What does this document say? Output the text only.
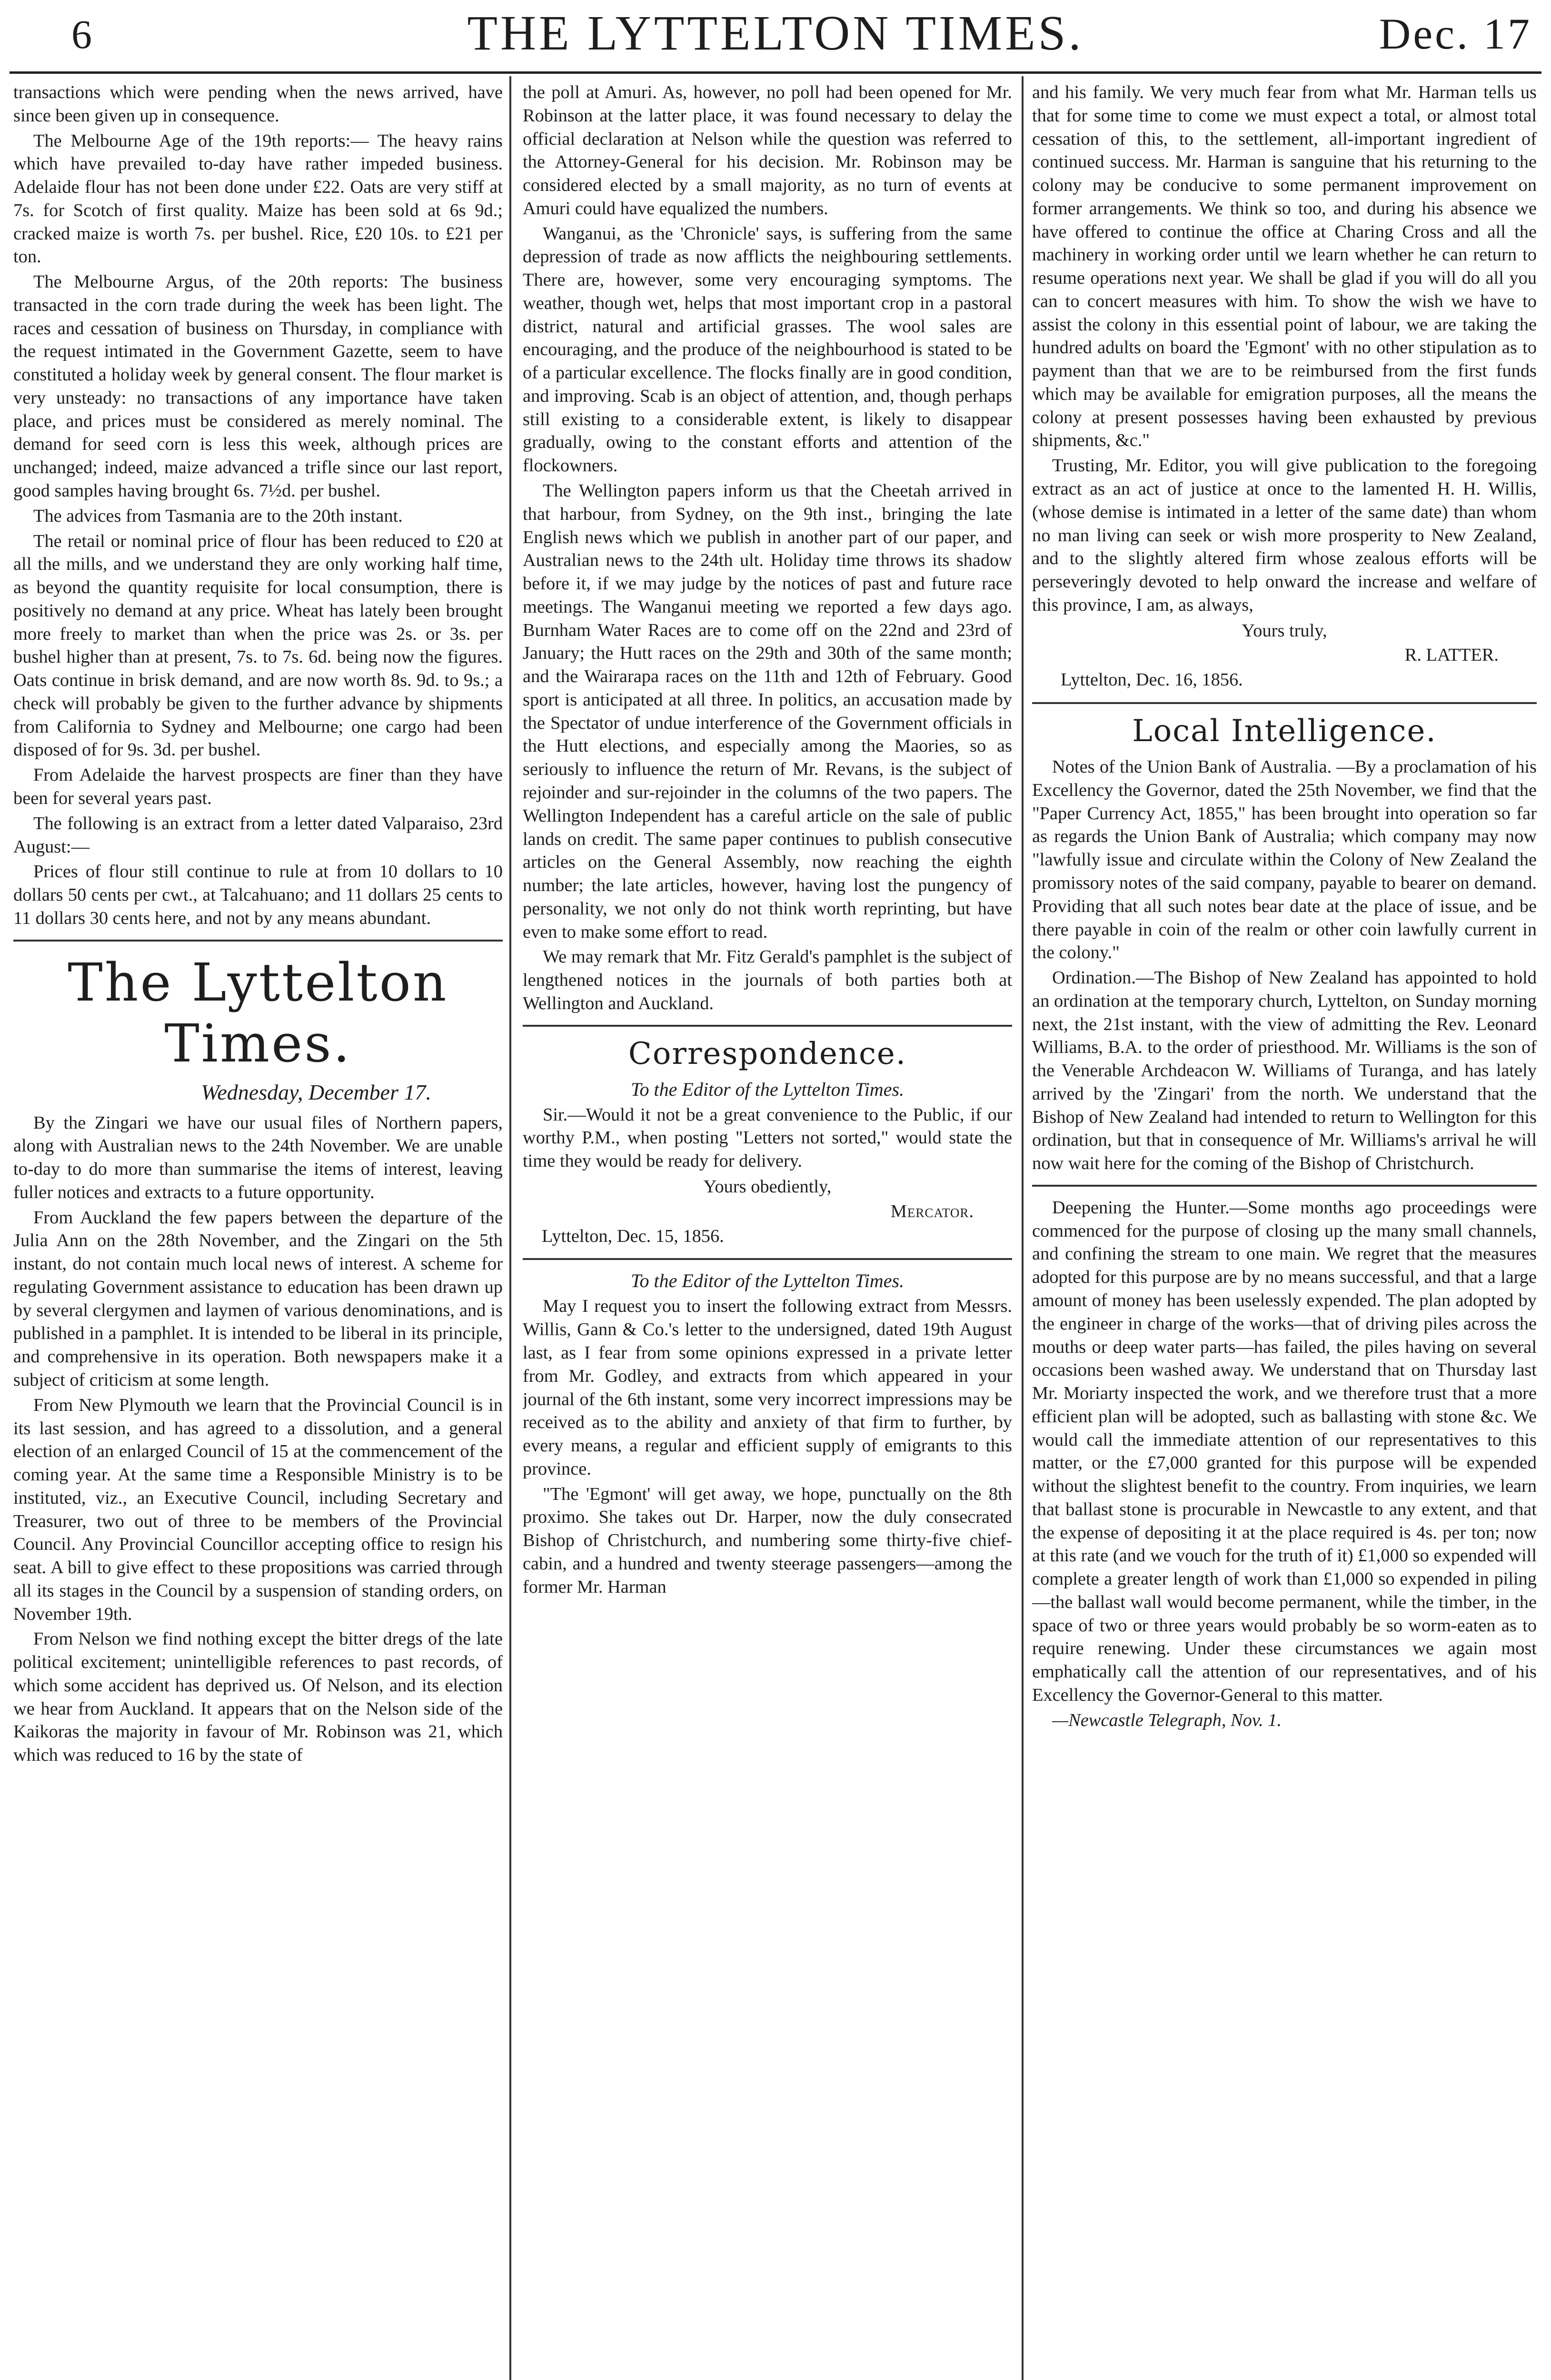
6	THE LYTTELTON TIMES.	Dec. 17

transactions which were pending when the news arrived, have since been given up in consequence.

The Melbourne Age of the 19th reports:— The heavy rains which have prevailed to-day have rather impeded business. Adelaide flour has not been done under £22. Oats are very stiff at 7s. for Scotch of first quality. Maize has been sold at 6s 9d.; cracked maize is worth 7s. per bushel. Rice, £20 10s. to £21 per ton.

The Melbourne Argus, of the 20th reports: The business transacted in the corn trade during the week has been light. The races and cessation of business on Thursday, in compliance with the request intimated in the Government Gazette, seem to have constituted a holiday week by general consent. The flour market is very unsteady: no transactions of any importance have taken place, and prices must be considered as merely nominal. The demand for seed corn is less this week, although prices are unchanged; indeed, maize advanced a trifle since our last report, good samples having brought 6s. 7½d. per bushel.

The advices from Tasmania are to the 20th instant.

The retail or nominal price of flour has been reduced to £20 at all the mills, and we understand they are only working half time, as beyond the quantity requisite for local consumption, there is positively no demand at any price. Wheat has lately been brought more freely to market than when the price was 2s. or 3s. per bushel higher than at present, 7s. to 7s. 6d. being now the figures. Oats continue in brisk demand, and are now worth 8s. 9d. to 9s.; a check will probably be given to the further advance by shipments from California to Sydney and Melbourne; one cargo had been disposed of for 9s. 3d. per bushel.

From Adelaide the harvest prospects are finer than they have been for several years past.

The following is an extract from a letter dated Valparaiso, 23rd August:—

Prices of flour still continue to rule at from 10 dollars to 10 dollars 50 cents per cwt., at Talcahuano; and 11 dollars 25 cents to 11 dollars 30 cents here, and not by any means abundant.

The Lyttelton Times.
Wednesday, December 17.

By the Zingari we have our usual files of Northern papers, along with Australian news to the 24th November. We are unable to-day to do more than summarise the items of interest, leaving fuller notices and extracts to a future opportunity.

From Auckland the few papers between the departure of the Julia Ann on the 28th November, and the Zingari on the 5th instant, do not contain much local news of interest. A scheme for regulating Government assistance to education has been drawn up by several clergymen and laymen of various denominations, and is published in a pamphlet. It is intended to be liberal in its principle, and comprehensive in its operation. Both newspapers make it a subject of criticism at some length.

From New Plymouth we learn that the Provincial Council is in its last session, and has agreed to a dissolution, and a general election of an enlarged Council of 15 at the commencement of the coming year. At the same time a Responsible Ministry is to be instituted, viz., an Executive Council, including Secretary and Treasurer, two out of three to be members of the Provincial Council. Any Provincial Councillor accepting office to resign his seat. A bill to give effect to these propositions was carried through all its stages in the Council by a suspension of standing orders, on November 19th.

From Nelson we find nothing except the bitter dregs of the late political excitement; unintelligible references to past records, of which some accident has deprived us. Of Nelson, and its election we hear from Auckland. It appears that on the Nelson side of the Kaikoras the majority in favour of Mr. Robinson was 21, which which was reduced to 16 by the state of

the poll at Amuri. As, however, no poll had been opened for Mr. Robinson at the latter place, it was found necessary to delay the official declaration at Nelson while the question was referred to the Attorney-General for his decision. Mr. Robinson may be considered elected by a small majority, as no turn of events at Amuri could have equalized the numbers.

Wanganui, as the 'Chronicle' says, is suffering from the same depression of trade as now afflicts the neighbouring settlements. There are, however, some very encouraging symptoms. The weather, though wet, helps that most important crop in a pastoral district, natural and artificial grasses. The wool sales are encouraging, and the produce of the neighbourhood is stated to be of a particular excellence. The flocks finally are in good condition, and improving. Scab is an object of attention, and, though perhaps still existing to a considerable extent, is likely to disappear gradually, owing to the constant efforts and attention of the flockowners.

The Wellington papers inform us that the Cheetah arrived in that harbour, from Sydney, on the 9th inst., bringing the late English news which we publish in another part of our paper, and Australian news to the 24th ult. Holiday time throws its shadow before it, if we may judge by the notices of past and future race meetings. The Wanganui meeting we reported a few days ago. Burnham Water Races are to come off on the 22nd and 23rd of January; the Hutt races on the 29th and 30th of the same month; and the Wairarapa races on the 11th and 12th of February. Good sport is anticipated at all three. In politics, an accusation made by the Spectator of undue interference of the Government officials in the Hutt elections, and especially among the Maories, so as seriously to influence the return of Mr. Revans, is the subject of rejoinder and sur-rejoinder in the columns of the two papers. The Wellington Independent has a careful article on the sale of public lands on credit. The same paper continues to publish consecutive articles on the General Assembly, now reaching the eighth number; the late articles, however, having lost the pungency of personality, we not only do not think worth reprinting, but have even to make some effort to read.

We may remark that Mr. Fitz Gerald's pamphlet is the subject of lengthened notices in the journals of both parties both at Wellington and Auckland.

Correspondence.
To the Editor of the Lyttelton Times.

Sir.—Would it not be a great convenience to the Public, if our worthy P.M., when posting "Letters not sorted," would state the time they would be ready for delivery.

Yours obediently,
Mercator.
Lyttelton, Dec. 15, 1856.
To the Editor of the Lyttelton Times.

May I request you to insert the following extract from Messrs. Willis, Gann & Co.'s letter to the undersigned, dated 19th August last, as I fear from some opinions expressed in a private letter from Mr. Godley, and extracts from which appeared in your journal of the 6th instant, some very incorrect impressions may be received as to the ability and anxiety of that firm to further, by every means, a regular and efficient supply of emigrants to this province.

"The 'Egmont' will get away, we hope, punctually on the 8th proximo. She takes out Dr. Harper, now the duly consecrated Bishop of Christchurch, and numbering some thirty-five chief-cabin, and a hundred and twenty steerage passengers—among the former Mr. Harman

and his family. We very much fear from what Mr. Harman tells us that for some time to come we must expect a total, or almost total cessation of this, to the settlement, all-important ingredient of continued success. Mr. Harman is sanguine that his returning to the colony may be conducive to some permanent improvement on former arrangements. We think so too, and during his absence we have offered to continue the office at Charing Cross and all the machinery in working order until we learn whether he can return to resume operations next year. We shall be glad if you will do all you can to concert measures with him. To show the wish we have to assist the colony in this essential point of labour, we are taking the hundred adults on board the 'Egmont' with no other stipulation as to payment than that we are to be reimbursed from the first funds which may be available for emigration purposes, all the means the colony at present possesses having been exhausted by previous shipments, &c."

Trusting, Mr. Editor, you will give publication to the foregoing extract as an act of justice at once to the lamented H. H. Willis, (whose demise is intimated in a letter of the same date) than whom no man living can seek or wish more prosperity to New Zealand, and to the slightly altered firm whose zealous efforts will be perseveringly devoted to help onward the increase and welfare of this province, I am, as always,

Yours truly,
R. LATTER.
Lyttelton, Dec. 16, 1856.
Local Intelligence.

Notes of the Union Bank of Australia. —By a proclamation of his Excellency the Governor, dated the 25th November, we find that the "Paper Currency Act, 1855," has been brought into operation so far as regards the Union Bank of Australia; which company may now "lawfully issue and circulate within the Colony of New Zealand the promissory notes of the said company, payable to bearer on demand. Providing that all such notes bear date at the place of issue, and be there payable in coin of the realm or other coin lawfully current in the colony."

Ordination.—The Bishop of New Zealand has appointed to hold an ordination at the temporary church, Lyttelton, on Sunday morning next, the 21st instant, with the view of admitting the Rev. Leonard Williams, B.A. to the order of priesthood. Mr. Williams is the son of the Venerable Archdeacon W. Williams of Turanga, and has lately arrived by the 'Zingari' from the north. We understand that the Bishop of New Zealand had intended to return to Wellington for this ordination, but that in consequence of Mr. Williams's arrival he will now wait here for the coming of the Bishop of Christchurch.

Deepening the Hunter.—Some months ago proceedings were commenced for the purpose of closing up the many small channels, and confining the stream to one main. We regret that the measures adopted for this purpose are by no means successful, and that a large amount of money has been uselessly expended. The plan adopted by the engineer in charge of the works—that of driving piles across the mouths or deep water parts—has failed, the piles having on several occasions been washed away. We understand that on Thursday last Mr. Moriarty inspected the work, and we therefore trust that a more efficient plan will be adopted, such as ballasting with stone &c. We would call the immediate attention of our representatives to this matter, or the £7,000 granted for this purpose will be expended without the slightest benefit to the country. From inquiries, we learn that ballast stone is procurable in Newcastle to any extent, and that the expense of depositing it at the place required is 4s. per ton; now at this rate (and we vouch for the truth of it) £1,000 so expended will complete a greater length of work than £1,000 so expended in piling—the ballast wall would become permanent, while the timber, in the space of two or three years would probably be so worm-eaten as to require renewing. Under these circumstances we again most emphatically call the attention of our representatives, and of his Excellency the Governor-General to this matter.

—Newcastle Telegraph, Nov. 1.
